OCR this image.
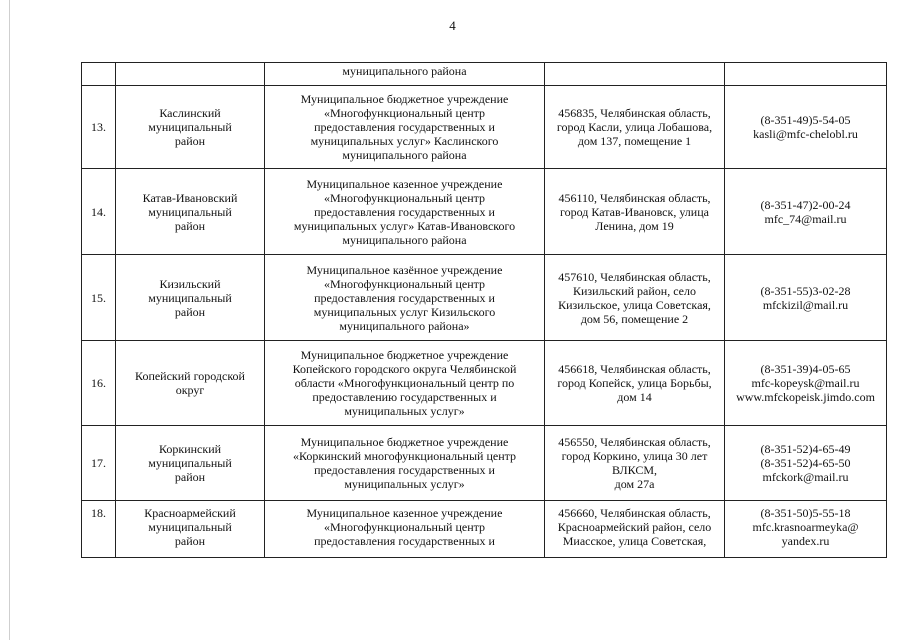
4
		муниципального района		
13.	Каслинский
муниципальный
район	Муниципальное бюджетное учреждение
«Многофункциональный центр
предоставления государственных и
муниципальных услуг» Каслинского
муниципального района	456835, Челябинская область,
город Касли, улица Лобашова,
дом 137, помещение 1	(8-351-49)5-54-05
kasli@mfc-chelobl.ru
14.	Катав-Ивановский
муниципальный
район	Муниципальное казенное учреждение
«Многофункциональный центр
предоставления государственных и
муниципальных услуг» Катав-Ивановского
муниципального района	456110, Челябинская область,
город Катав-Ивановск, улица
Ленина, дом 19	(8-351-47)2-00-24
mfc_74@mail.ru
15.	Кизильский
муниципальный
район	Муниципальное казённое учреждение
«Многофункциональный центр
предоставления государственных и
муниципальных услуг Кизильского
муниципального района»	457610, Челябинская область,
Кизильский район, село
Кизильское, улица Советская,
дом 56, помещение 2	(8-351-55)3-02-28
mfckizil@mail.ru
16.	Копейский городской
округ	Муниципальное бюджетное учреждение
Копейского городского округа Челябинской
области «Многофункциональный центр по
предоставлению государственных и
муниципальных услуг»	456618, Челябинская область,
город Копейск, улица Борьбы,
дом 14	(8-351-39)4-05-65
mfc-kopeysk@mail.ru
www.mfckopeisk.jimdo.com
17.	Коркинский
муниципальный
район	Муниципальное бюджетное учреждение
«Коркинский многофункциональный центр
предоставления государственных и
муниципальных услуг»	456550, Челябинская область,
город Коркино, улица 30 лет
ВЛКСМ,
дом 27а	(8-351-52)4-65-49
(8-351-52)4-65-50
mfckork@mail.ru
18.	Красноармейский
муниципальный
район	Муниципальное казенное учреждение
«Многофункциональный центр
предоставления государственных и	456660, Челябинская область,
Красноармейский район, село
Миасское, улица Советская,	(8-351-50)5-55-18
mfc.krasnoarmeyka@
yandex.ru
